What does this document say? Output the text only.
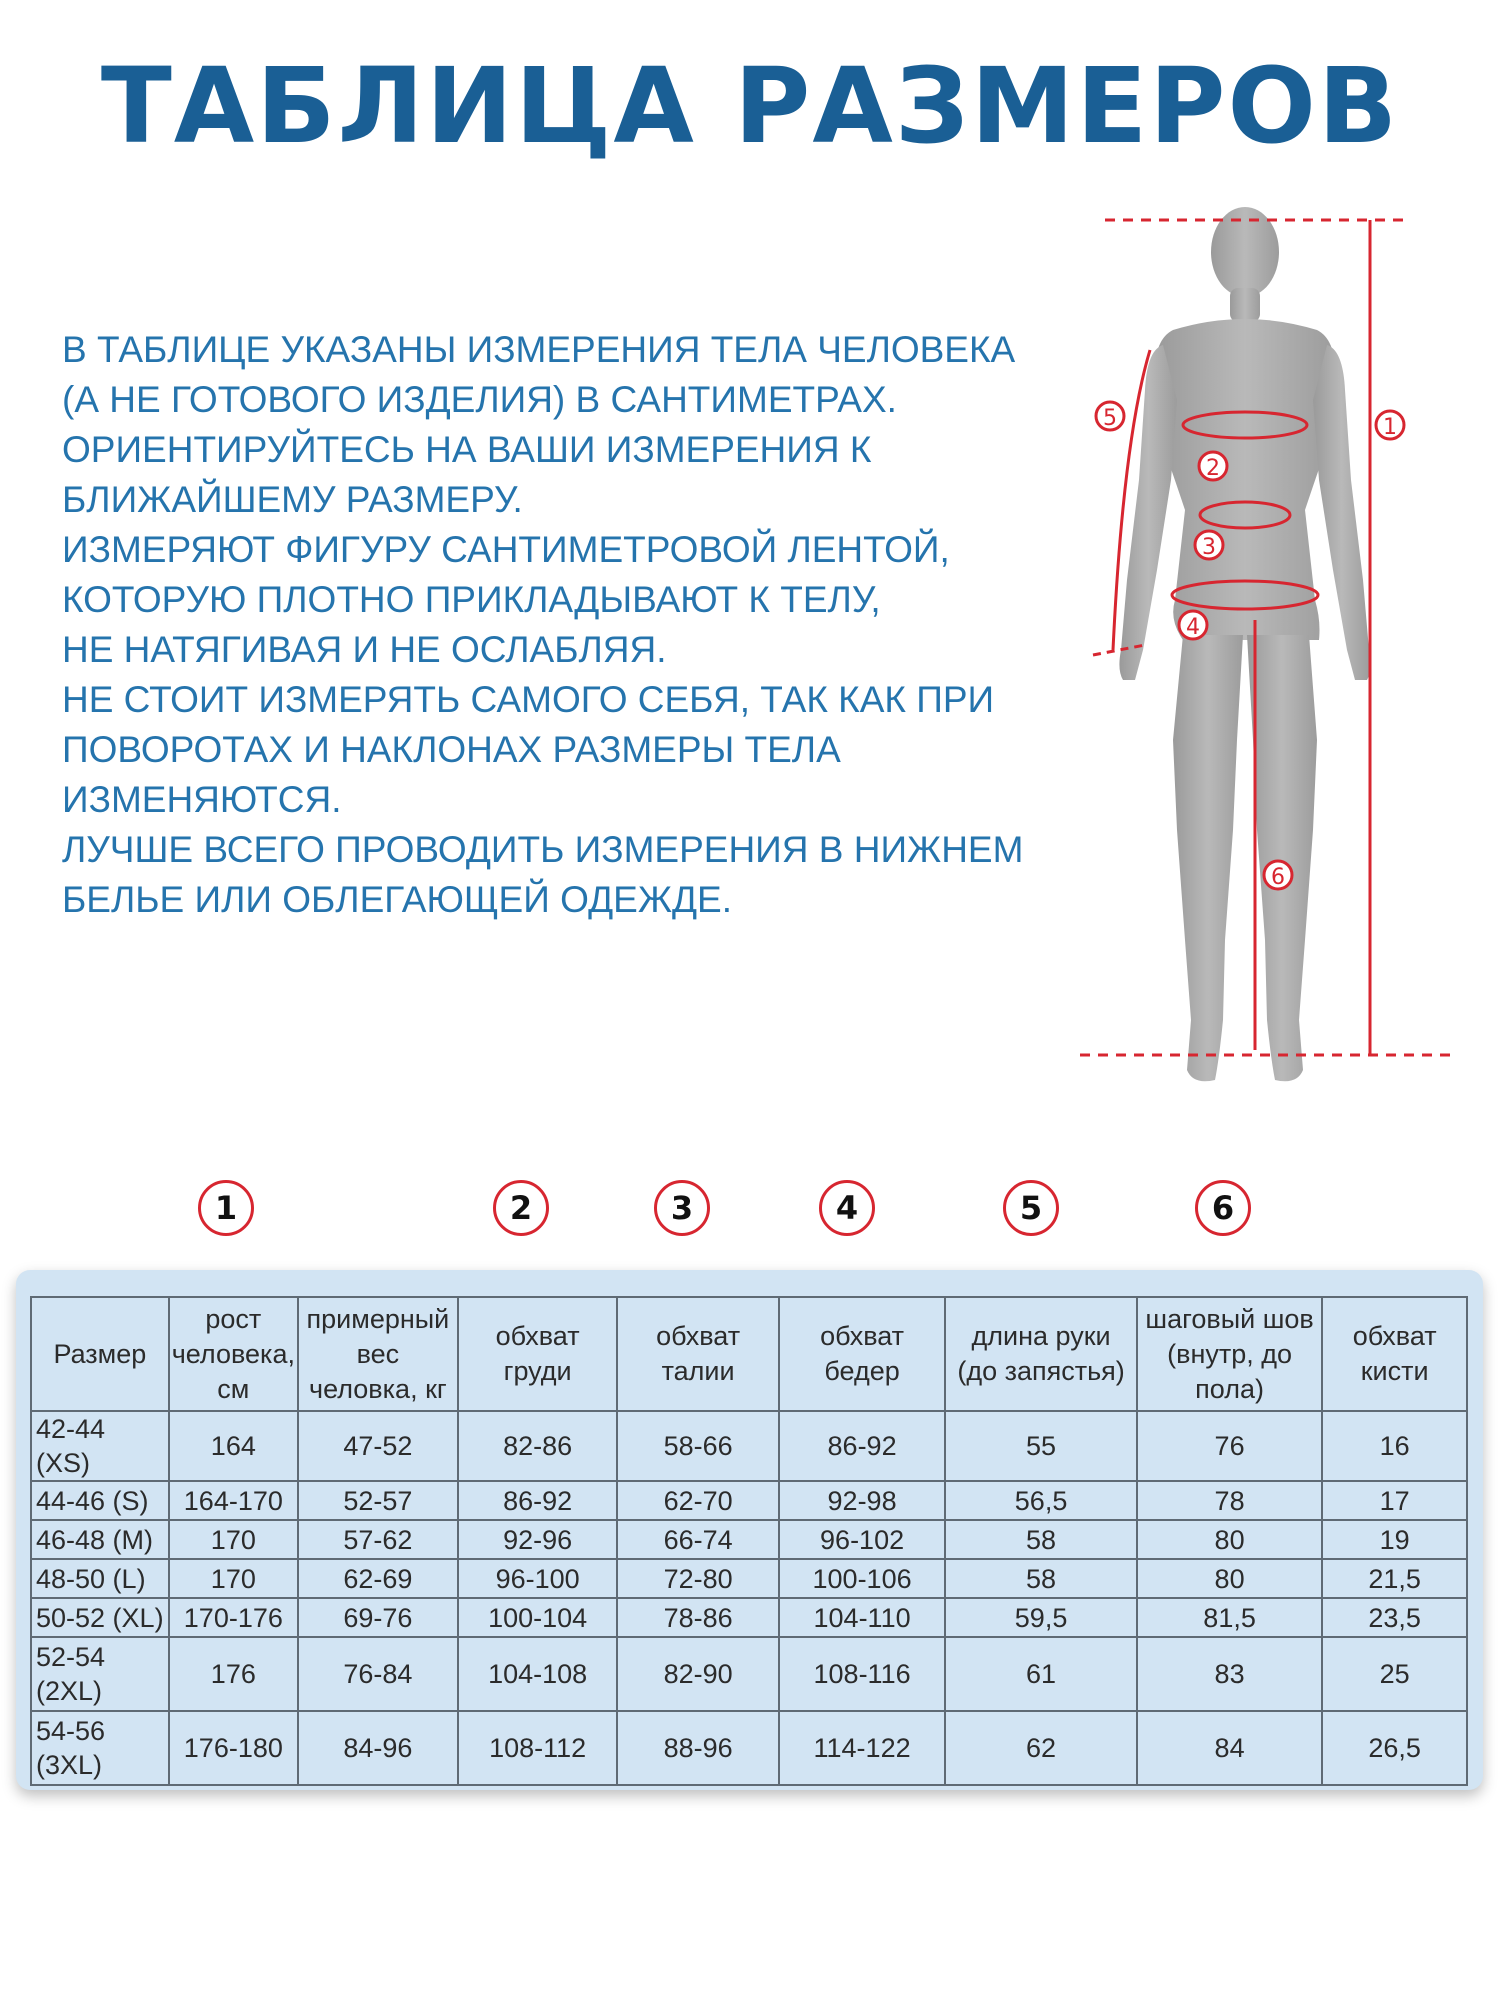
ТАБЛИЦА РАЗМЕРОВ

В ТАБЛИЦЕ УКАЗАНЫ ИЗМЕРЕНИЯ ТЕЛА ЧЕЛОВЕКА

(А НЕ ГОТОВОГО ИЗДЕЛИЯ) В САНТИМЕТРАХ.

ОРИЕНТИРУЙТЕСЬ НА ВАШИ ИЗМЕРЕНИЯ К

БЛИЖАЙШЕМУ РАЗМЕРУ.

ИЗМЕРЯЮТ ФИГУРУ САНТИМЕТРОВОЙ ЛЕНТОЙ,

КОТОРУЮ ПЛОТНО ПРИКЛАДЫВАЮТ К ТЕЛУ,

НЕ НАТЯГИВАЯ И НЕ ОСЛАБЛЯЯ.

НЕ СТОИТ ИЗМЕРЯТЬ САМОГО СЕБЯ, ТАК КАК ПРИ

ПОВОРОТАХ И НАКЛОНАХ РАЗМЕРЫ ТЕЛА

ИЗМЕНЯЮТСЯ.

ЛУЧШЕ ВСЕГО ПРОВОДИТЬ ИЗМЕРЕНИЯ В НИЖНЕМ

БЕЛЬЕ ИЛИ ОБЛЕГАЮЩЕЙ ОДЕЖДЕ.

1
2
3
4
5
6
1	2	3	4	5	6
Размер	рост человека, см	примерный вес человка, кг	обхват груди	обхват талии	обхват бедер	длина руки (до запястья)	шаговый шов (внутр, до пола)	обхват кисти
42-44 (XS)	164	47-52	82-86	58-66	86-92	55	76	16
44-46 (S)	164-170	52-57	86-92	62-70	92-98	56,5	78	17
46-48 (M)	170	57-62	92-96	66-74	96-102	58	80	19
48-50 (L)	170	62-69	96-100	72-80	100-106	58	80	21,5
50-52 (XL)	170-176	69-76	100-104	78-86	104-110	59,5	81,5	23,5
52-54 (2XL)	176	76-84	104-108	82-90	108-116	61	83	25
54-56 (3XL)	176-180	84-96	108-112	88-96	114-122	62	84	26,5
